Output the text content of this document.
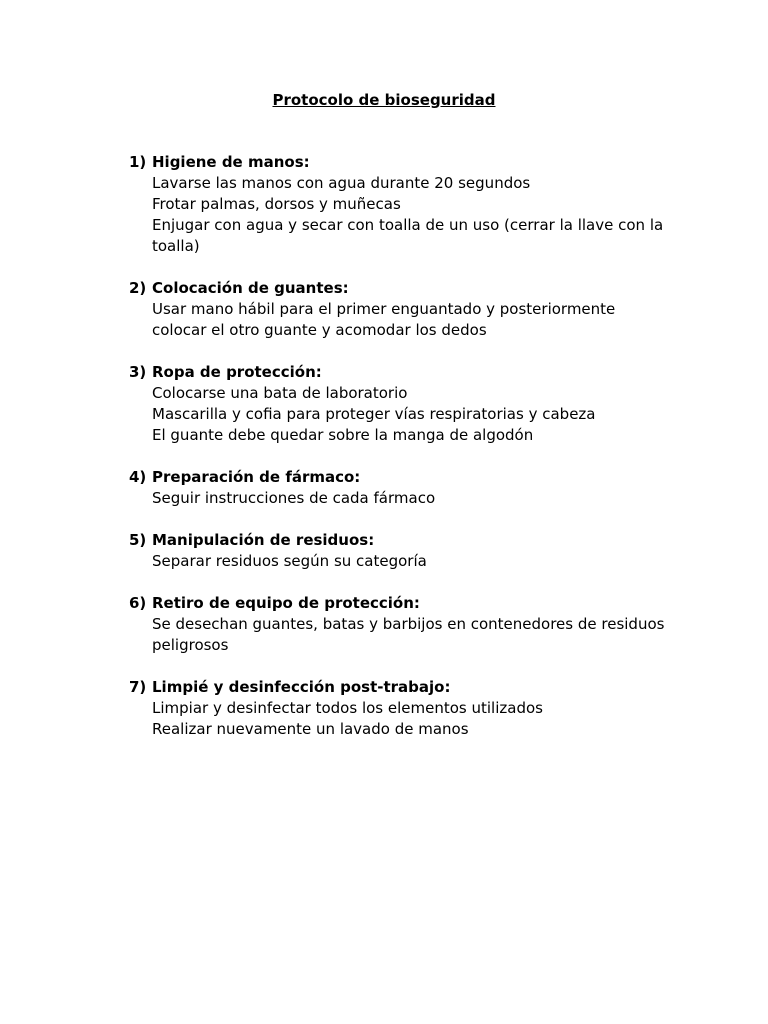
Protocolo de bioseguridad
1) Higiene de manos:
Lavarse las manos con agua durante 20 segundos
Frotar palmas, dorsos y muñecas
Enjugar con agua y secar con toalla de un uso (cerrar la llave con la toalla)
2) Colocación de guantes:
Usar mano hábil para el primer enguantado y posteriormente colocar el otro guante y acomodar los dedos
3) Ropa de protección:
Colocarse una bata de laboratorio
Mascarilla y cofia para proteger vías respiratorias y cabeza
El guante debe quedar sobre la manga de algodón
4) Preparación de fármaco:
Seguir instrucciones de cada fármaco
5) Manipulación de residuos:
Separar residuos según su categoría
6) Retiro de equipo de protección:
Se desechan guantes, batas y barbijos en contenedores de residuos peligrosos
7) Limpié y desinfección post-trabajo:
Limpiar y desinfectar todos los elementos utilizados
Realizar nuevamente un lavado de manos
